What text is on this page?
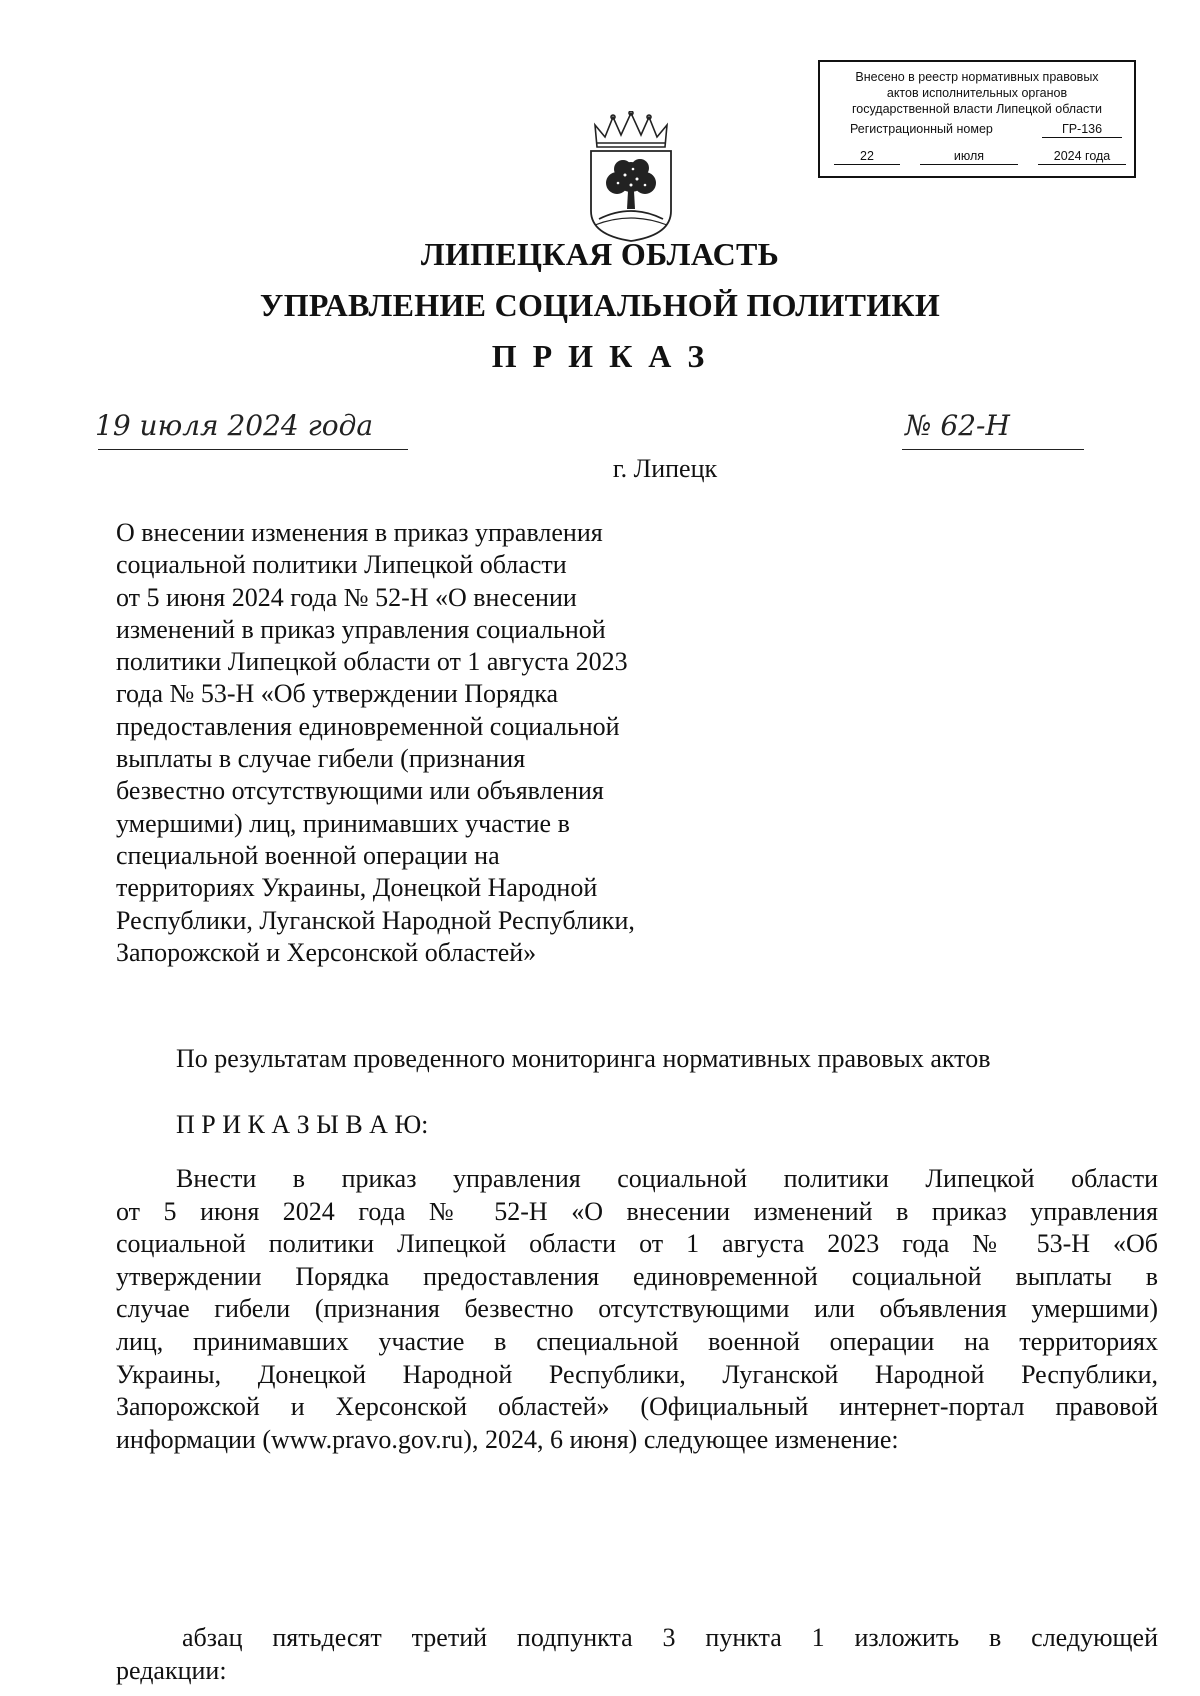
Внесено в реестр нормативных правовых
актов исполнительных органов
государственной власти Липецкой области
Регистрационный номер	ГР-136
22	июля	2024 года
ЛИПЕЦКАЯ ОБЛАСТЬ
УПРАВЛЕНИЕ СОЦИАЛЬНОЙ ПОЛИТИКИ
П Р И К А З
19 июля 2024 года	№ 62-Н
г. Липецк
О внесении изменения в приказ управления
социальной политики Липецкой области
от 5 июня 2024 года № 52-Н «О внесении
изменений в приказ управления социальной
политики Липецкой области от 1 августа 2023
года № 53-Н «Об утверждении Порядка
предоставления единовременной социальной
выплаты в случае гибели (признания
безвестно отсутствующими или объявления
умершими) лиц, принимавших участие в
специальной военной операции на
территориях Украины, Донецкой Народной
Республики, Луганской Народной Республики,
Запорожской и Херсонской областей»
По результатам проведенного мониторинга нормативных правовых актов
П Р И К А З Ы В А Ю:
Внести в приказ управления социальной политики Липецкой области
от 5 июня 2024 года № 52-Н «О внесении изменений в приказ управления
социальной политики Липецкой области от 1 августа 2023 года № 53-Н «Об
утверждении Порядка предоставления единовременной социальной выплаты в
случае гибели (признания безвестно отсутствующими или объявления умершими)
лиц, принимавших участие в специальной военной операции на территориях
Украины, Донецкой Народной Республики, Луганской Народной Республики,
Запорожской и Херсонской областей» (Официальный интернет-портал правовой
информации (www.pravo.gov.ru), 2024, 6 июня) следующее изменение:
абзац пятьдесят третий подпункта 3 пункта 1 изложить в следующей
редакции:
